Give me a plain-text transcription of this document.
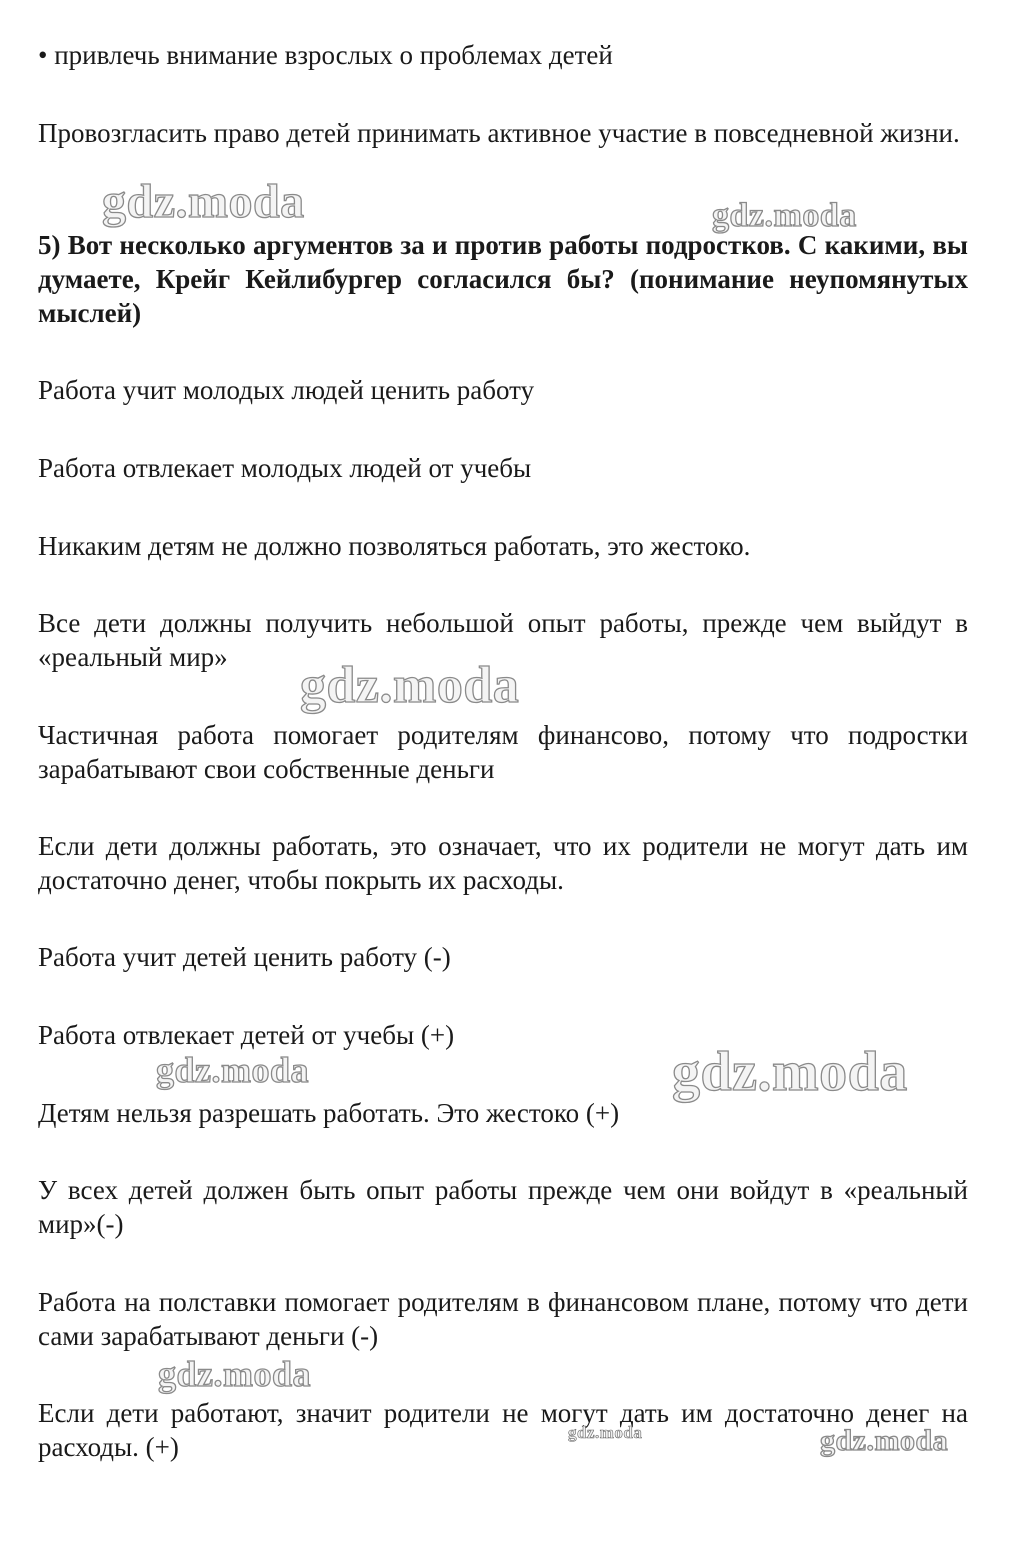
• привлечь внимание взрослых о проблемах детей

Провозгласить право детей принимать активное участие в повседневной жизни.

5) Вот несколько аргументов за и против работы подростков. С какими, вы думаете, Крейг Кейлибургер согласился бы? (понимание неупомянутых мыслей)

Работа учит молодых людей ценить работу

Работа отвлекает молодых людей от учебы

Никаким детям не должно позволяться работать, это жестоко.

Все дети должны получить небольшой опыт работы, прежде чем выйдут в «реальный мир»

Частичная работа помогает родителям финансово, потому что подростки зарабатывают свои собственные деньги

Если дети должны работать, это означает, что их родители не могут дать им достаточно денег, чтобы покрыть их расходы.

Работа учит детей ценить работу (-)

Работа отвлекает детей от учебы (+)

Детям нельзя разрешать работать. Это жестоко (+)

У всех детей должен быть опыт работы прежде чем они войдут в «реальный мир»(-)

Работа на полставки помогает родителям в финансовом плане, потому что дети сами зарабатывают деньги (-)

Если дети работают, значит родители не могут дать им достаточно денег на расходы. (+)

gdz.moda	gdz.moda
gdz.moda
gdz.moda	gdz.moda
gdz.moda
gdz.moda	gdz.moda
